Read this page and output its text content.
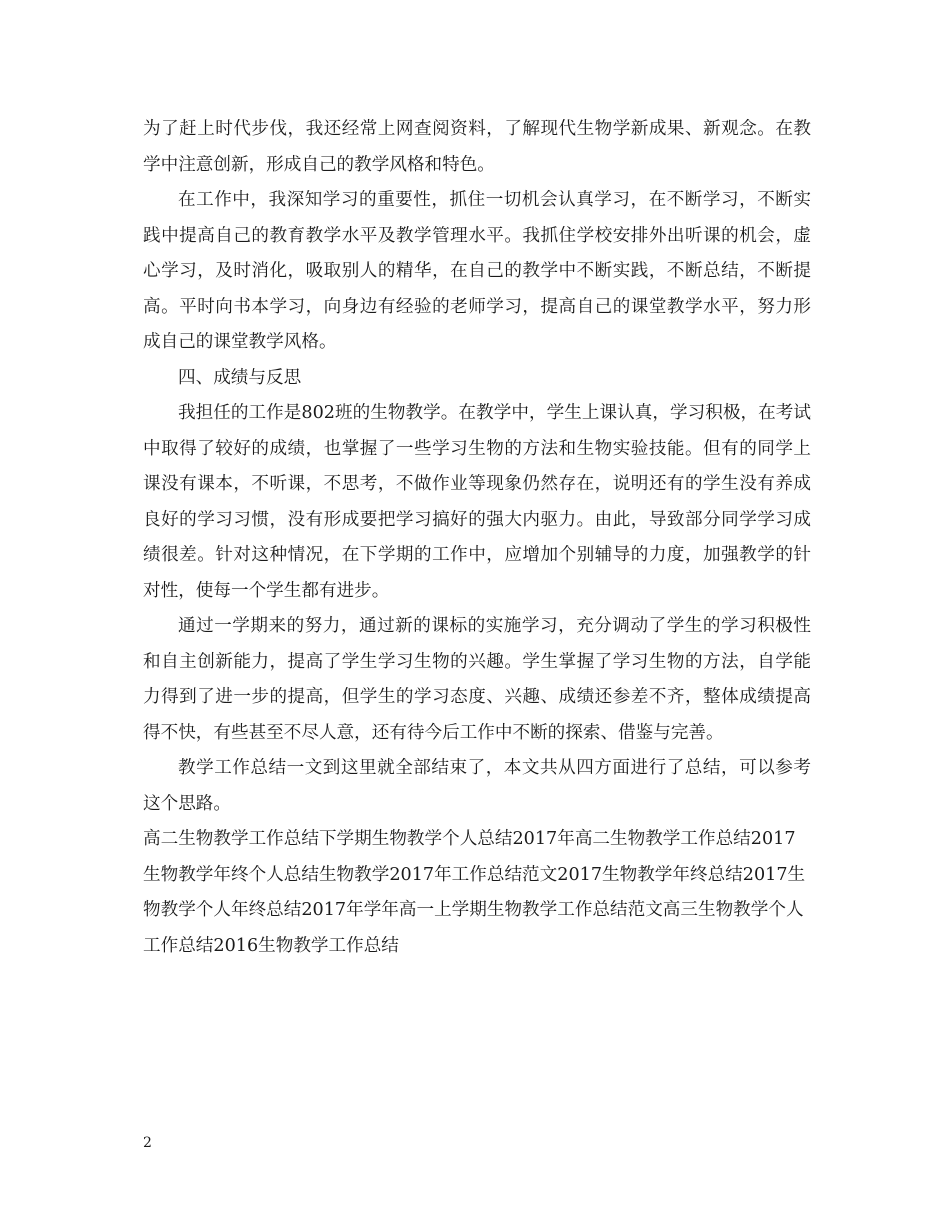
为了赶上时代步伐，我还经常上网查阅资料，了解现代生物学新成果、新观念。在教学中注意创新，形成自己的教学风格和特色。

在工作中，我深知学习的重要性，抓住一切机会认真学习，在不断学习，不断实践中提高自己的教育教学水平及教学管理水平。我抓住学校安排外出听课的机会，虚心学习，及时消化，吸取别人的精华，在自己的教学中不断实践，不断总结，不断提高。平时向书本学习，向身边有经验的老师学习，提高自己的课堂教学水平，努力形成自己的课堂教学风格。

四、成绩与反思

我担任的工作是802班的生物教学。在教学中，学生上课认真，学习积极，在考试中取得了较好的成绩，也掌握了一些学习生物的方法和生物实验技能。但有的同学上课没有课本，不听课，不思考，不做作业等现象仍然存在，说明还有的学生没有养成良好的学习习惯，没有形成要把学习搞好的强大内驱力。由此，导致部分同学学习成绩很差。针对这种情况，在下学期的工作中，应增加个别辅导的力度，加强教学的针对性，使每一个学生都有进步。

通过一学期来的努力，通过新的课标的实施学习，充分调动了学生的学习积极性和自主创新能力，提高了学生学习生物的兴趣。学生掌握了学习生物的方法，自学能力得到了进一步的提高，但学生的学习态度、兴趣、成绩还参差不齐，整体成绩提高得不快，有些甚至不尽人意，还有待今后工作中不断的探索、借鉴与完善。

教学工作总结一文到这里就全部结束了，本文共从四方面进行了总结，可以参考这个思路。

高二生物教学工作总结下学期生物教学个人总结2017年高二生物教学工作总结2017生物教学年终个人总结生物教学2017年工作总结范文2017生物教学年终总结2017生物教学个人年终总结2017年学年高一上学期生物教学工作总结范文高三生物教学个人工作总结2016生物教学工作总结

2
